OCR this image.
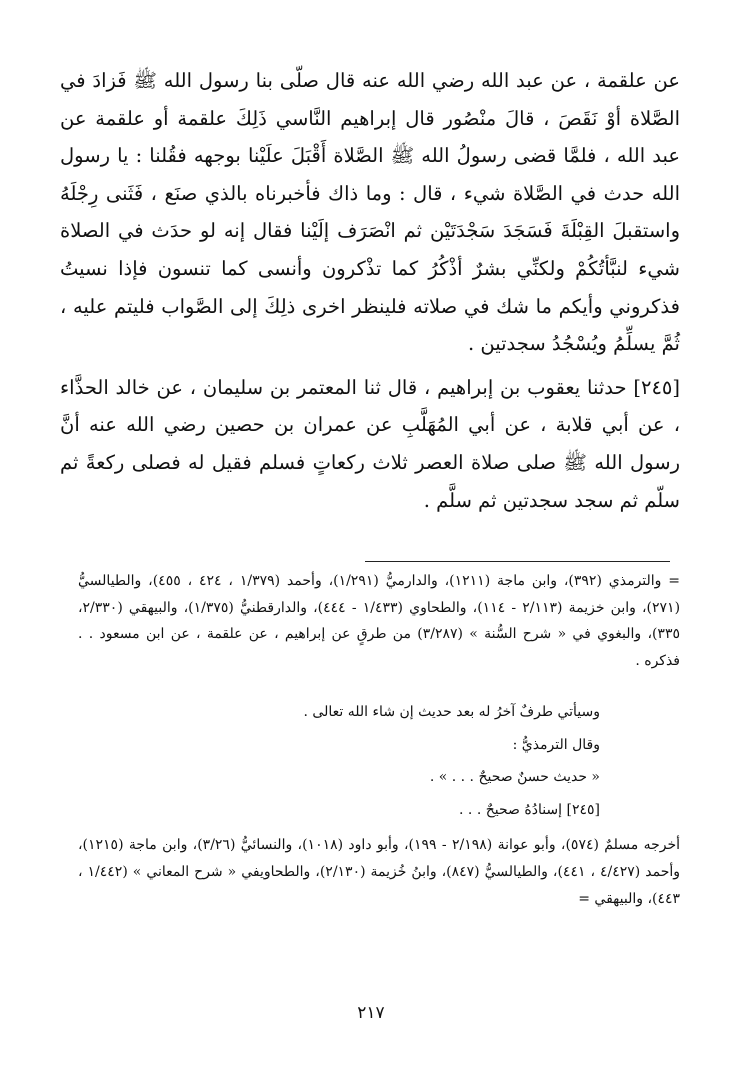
عن علقمة ، عن عبد الله رضي الله عنه قال صلّى بنا رسول الله ﷺ فَزادَ في الصَّلاة أوْ نَقَصَ ، قالَ منْصُور قال إبراهيم النَّاسي ذَلِكَ علقمة أو علقمة عن عبد الله ، فلمَّا قضى رسولُ الله ﷺ الصَّلاة أَقْبَلَ علَيْنا بوجهه فقُلنا : يا رسول الله حدث في الصَّلاة شيء ، قال : وما ذاك فأخبرناه بالذي صنَع ، فَثَنى رِجْلَهُ واستقبلَ القِبْلَةَ فَسَجَدَ سَجْدَتَيْن ثم انْصَرَف إلَيْنا فقال إنه لو حدَث في الصلاة شيء لنبَّأتُكُمْ ولكنِّي بشرٌ أذْكُرُ كما تذْكرون وأنسى كما تنسون فإذا نسيتُ فذكروني وأيكم ما شك في صلاته فلينظر اخرى ذلِكَ إلى الصَّواب فليتم عليه ، ثُمَّ يسلِّمُ ويُسْجُدُ سجدتين .

[٢٤٥] حدثنا يعقوب بن إبراهيم ، قال ثنا المعتمر بن سليمان ، عن خالد الحذَّاء ، عن أبي قلابة ، عن أبي المُهَلَّبِ عن عمران بن حصين رضي الله عنه أنَّ رسول الله ﷺ صلى صلاة العصر ثلاث ركعاتٍ فسلم فقيل له فصلى ركعةً ثم سلّم ثم سجد سجدتين ثم سلَّم .

= والترمذي (٣٩٢)، وابن ماجة (١٢١١)، والدارميُّ (١/٢٩١)، وأحمد (١/٣٧٩ ، ٤٢٤ ، ٤٥٥)، والطيالسيُّ (٢٧١)، وابن خزيمة (٢/١١٣ - ١١٤)، والطحاوي (١/٤٣٣ - ٤٤٤)، والدارقطنيُّ (١/٣٧٥)، والبيهقي (٢/٣٣٠، ٣٣٥)، والبغوي في « شرح السُّنة » (٣/٢٨٧) من طرقٍ عن إبراهيم ، عن علقمة ، عن ابن مسعود . . فذكره .

وسيأتي طرفٌ آخرُ له بعد حديث إن شاء الله تعالى .

وقال الترمذيُّ :

« حديث حسنٌ صحيحٌ . . . » .

[٢٤٥] إسنادُهُ صحيحٌ . . .

أخرجه مسلمٌ (٥٧٤)، وأبو عوانة (٢/١٩٨ - ١٩٩)، وأبو داود (١٠١٨)، والنسائيُّ (٣/٢٦)، وابن ماجة (١٢١٥)، وأحمد (٤/٤٢٧ ، ٤٤١)، والطيالسيُّ (٨٤٧)، وابنُ خُزيمة (٢/١٣٠)، والطحاويفي « شرح المعاني » (١/٤٤٢ ، ٤٤٣)، والبيهقي =

٢١٧
